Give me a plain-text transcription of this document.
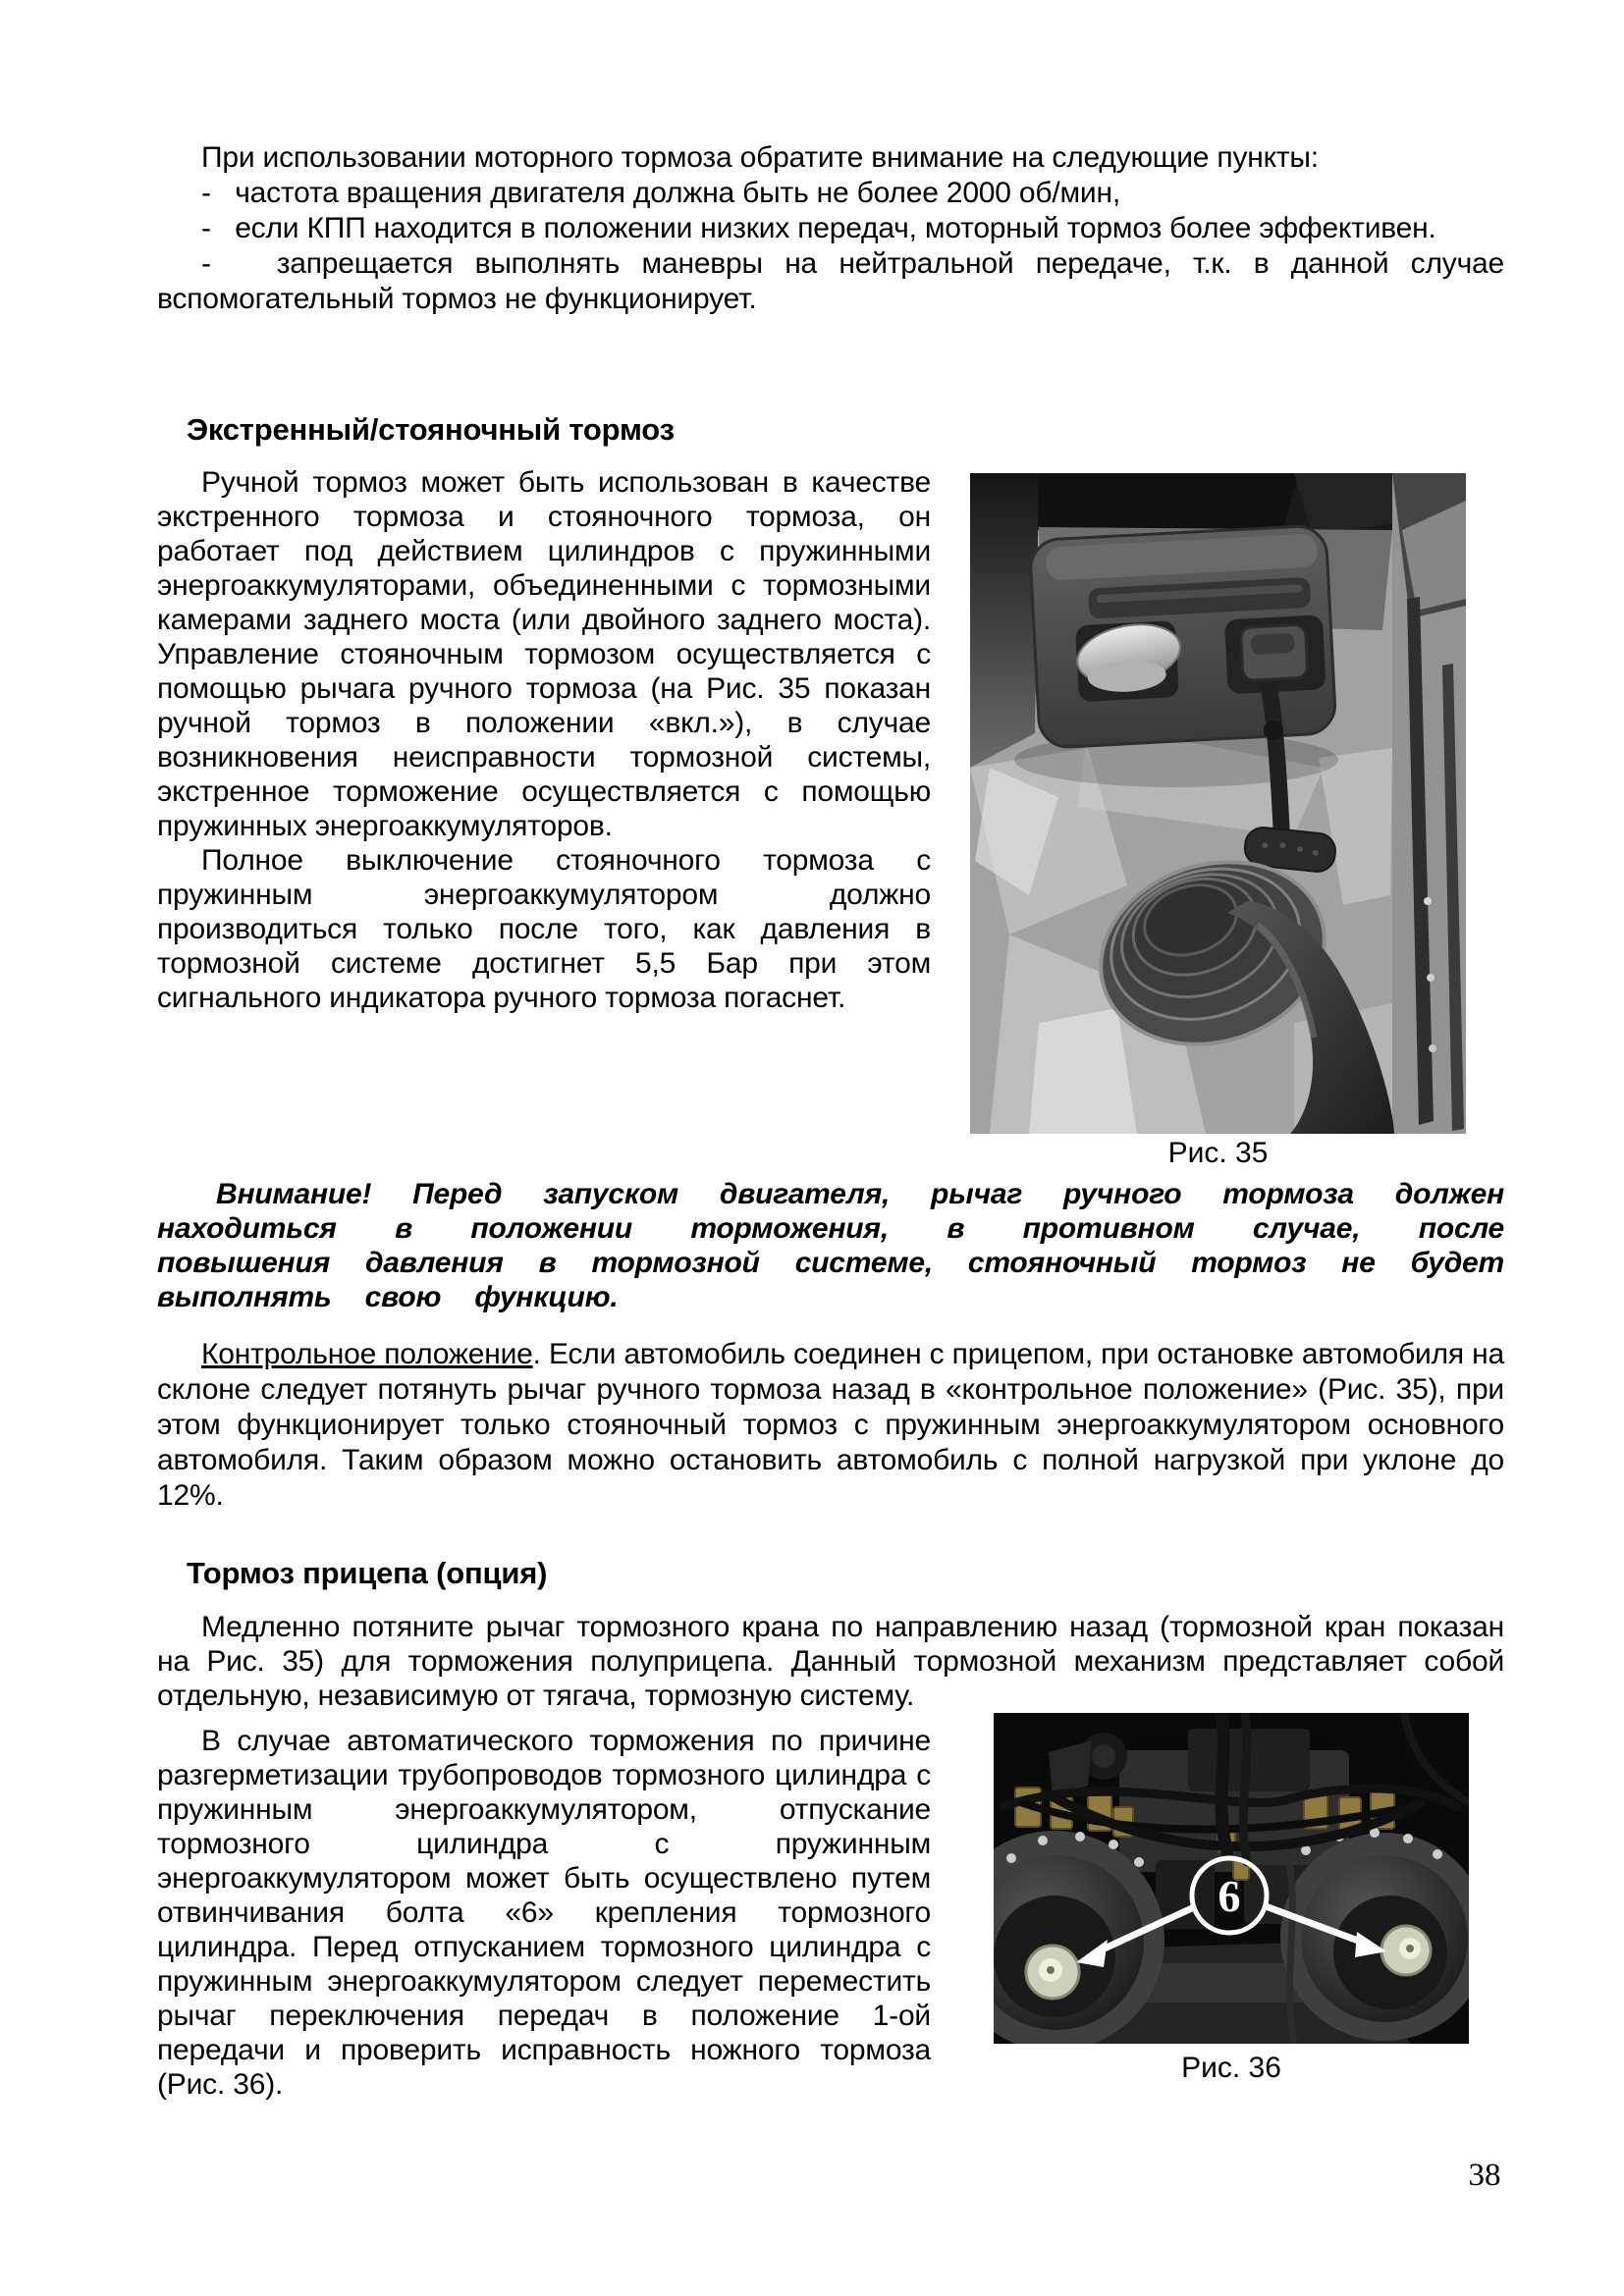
При использовании моторного тормоза обратите внимание на следующие пункты:

-   частота вращения двигателя должна быть не более 2000 об/мин,

-   если КПП находится в положении низких передач, моторный тормоз более эффективен.

-   запрещается выполнять маневры на нейтральной передаче, т.к. в данной случае вспомогательный тормоз не функционирует.

Экстренный/стояночный тормоз

Ручной тормоз может быть использован в качестве экстренного тормоза и стояночного тормоза, он работает под действием цилиндров с пружинными энергоаккумуляторами, объединенными с тормозными камерами заднего моста (или двойного заднего моста). Управление стояночным тормозом осуществляется с помощью рычага ручного тормоза (на Рис. 35 показан ручной тормоз в положении «вкл.»), в случае возникновения неисправности тормозной системы, экстренное торможение осуществляется с помощью пружинных энергоаккумуляторов.

Полное выключение стояночного тормоза с пружинным энергоаккумулятором должно производиться только после того, как давления в тормозной системе достигнет 5,5 Бар при этом сигнального индикатора ручного тормоза погаснет.

Рис. 35

Внимание! Перед запуском двигателя, рычаг ручного тормоза должен находиться в положении торможения, в противном случае, после повышения давления в тормозной системе, стояночный тормоз не будет выполнять свою функцию.

Контрольное положение. Если автомобиль соединен с прицепом, при остановке автомобиля на склоне следует потянуть рычаг ручного тормоза назад в «контрольное положение» (Рис. 35), при этом функционирует только стояночный тормоз с пружинным энергоаккумулятором основного автомобиля. Таким образом можно остановить автомобиль с полной нагрузкой при уклоне до 12%.

Тормоз прицепа (опция)

Медленно потяните рычаг тормозного крана по направлению назад (тормозной кран показан на Рис. 35) для торможения полуприцепа. Данный тормозной механизм представляет собой отдельную, независимую от тягача, тормозную систему.

В случае автоматического торможения по причине разгерметизации трубопроводов тормозного цилиндра с пружинным энергоаккумулятором, отпускание тормозного цилиндра с пружинным энергоаккумулятором может быть осуществлено путем отвинчивания болта «6» крепления тормозного цилиндра. Перед отпусканием тормозного цилиндра с пружинным энергоаккумулятором следует переместить рычаг переключения передач в положение 1-ой передачи и проверить исправность ножного тормоза (Рис. 36).

6
Рис. 36
38
